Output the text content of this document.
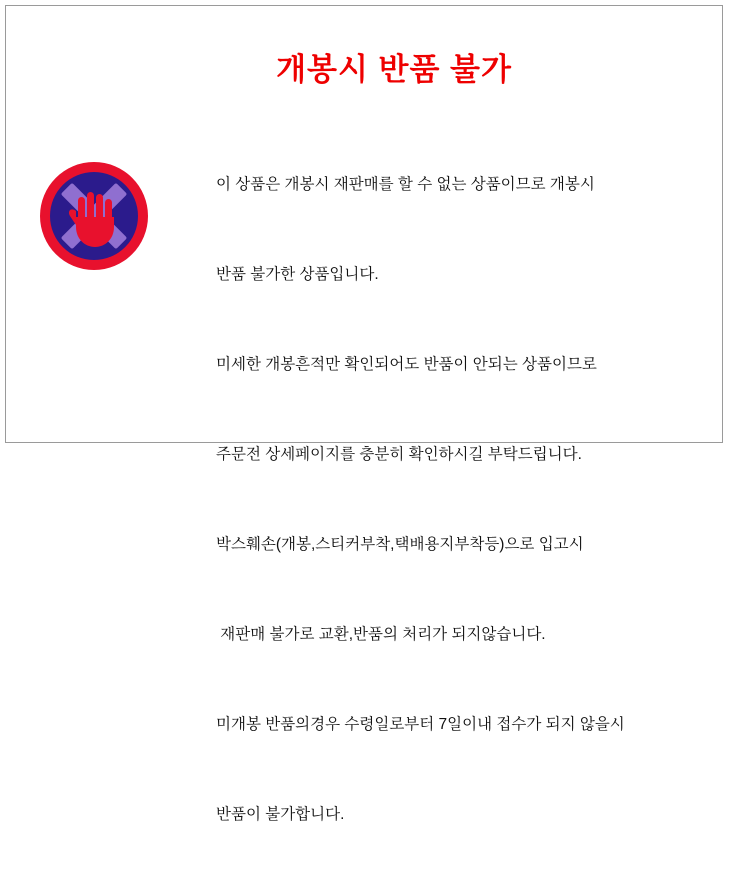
개봉시 반품 불가

이 상품은 개봉시 재판매를 할 수 없는 상품이므로 개봉시

반품 불가한 상품입니다.

미세한 개봉흔적만 확인되어도 반품이 안되는 상품이므로

주문전 상세페이지를 충분히 확인하시길 부탁드립니다.

박스훼손(개봉,스티커부착,택배용지부착등)으로 입고시

재판매 불가로 교환,반품의 처리가 되지않습니다.

미개봉 반품의경우 수령일로부터 7일이내 접수가 되지 않을시

반품이 불가합니다.
